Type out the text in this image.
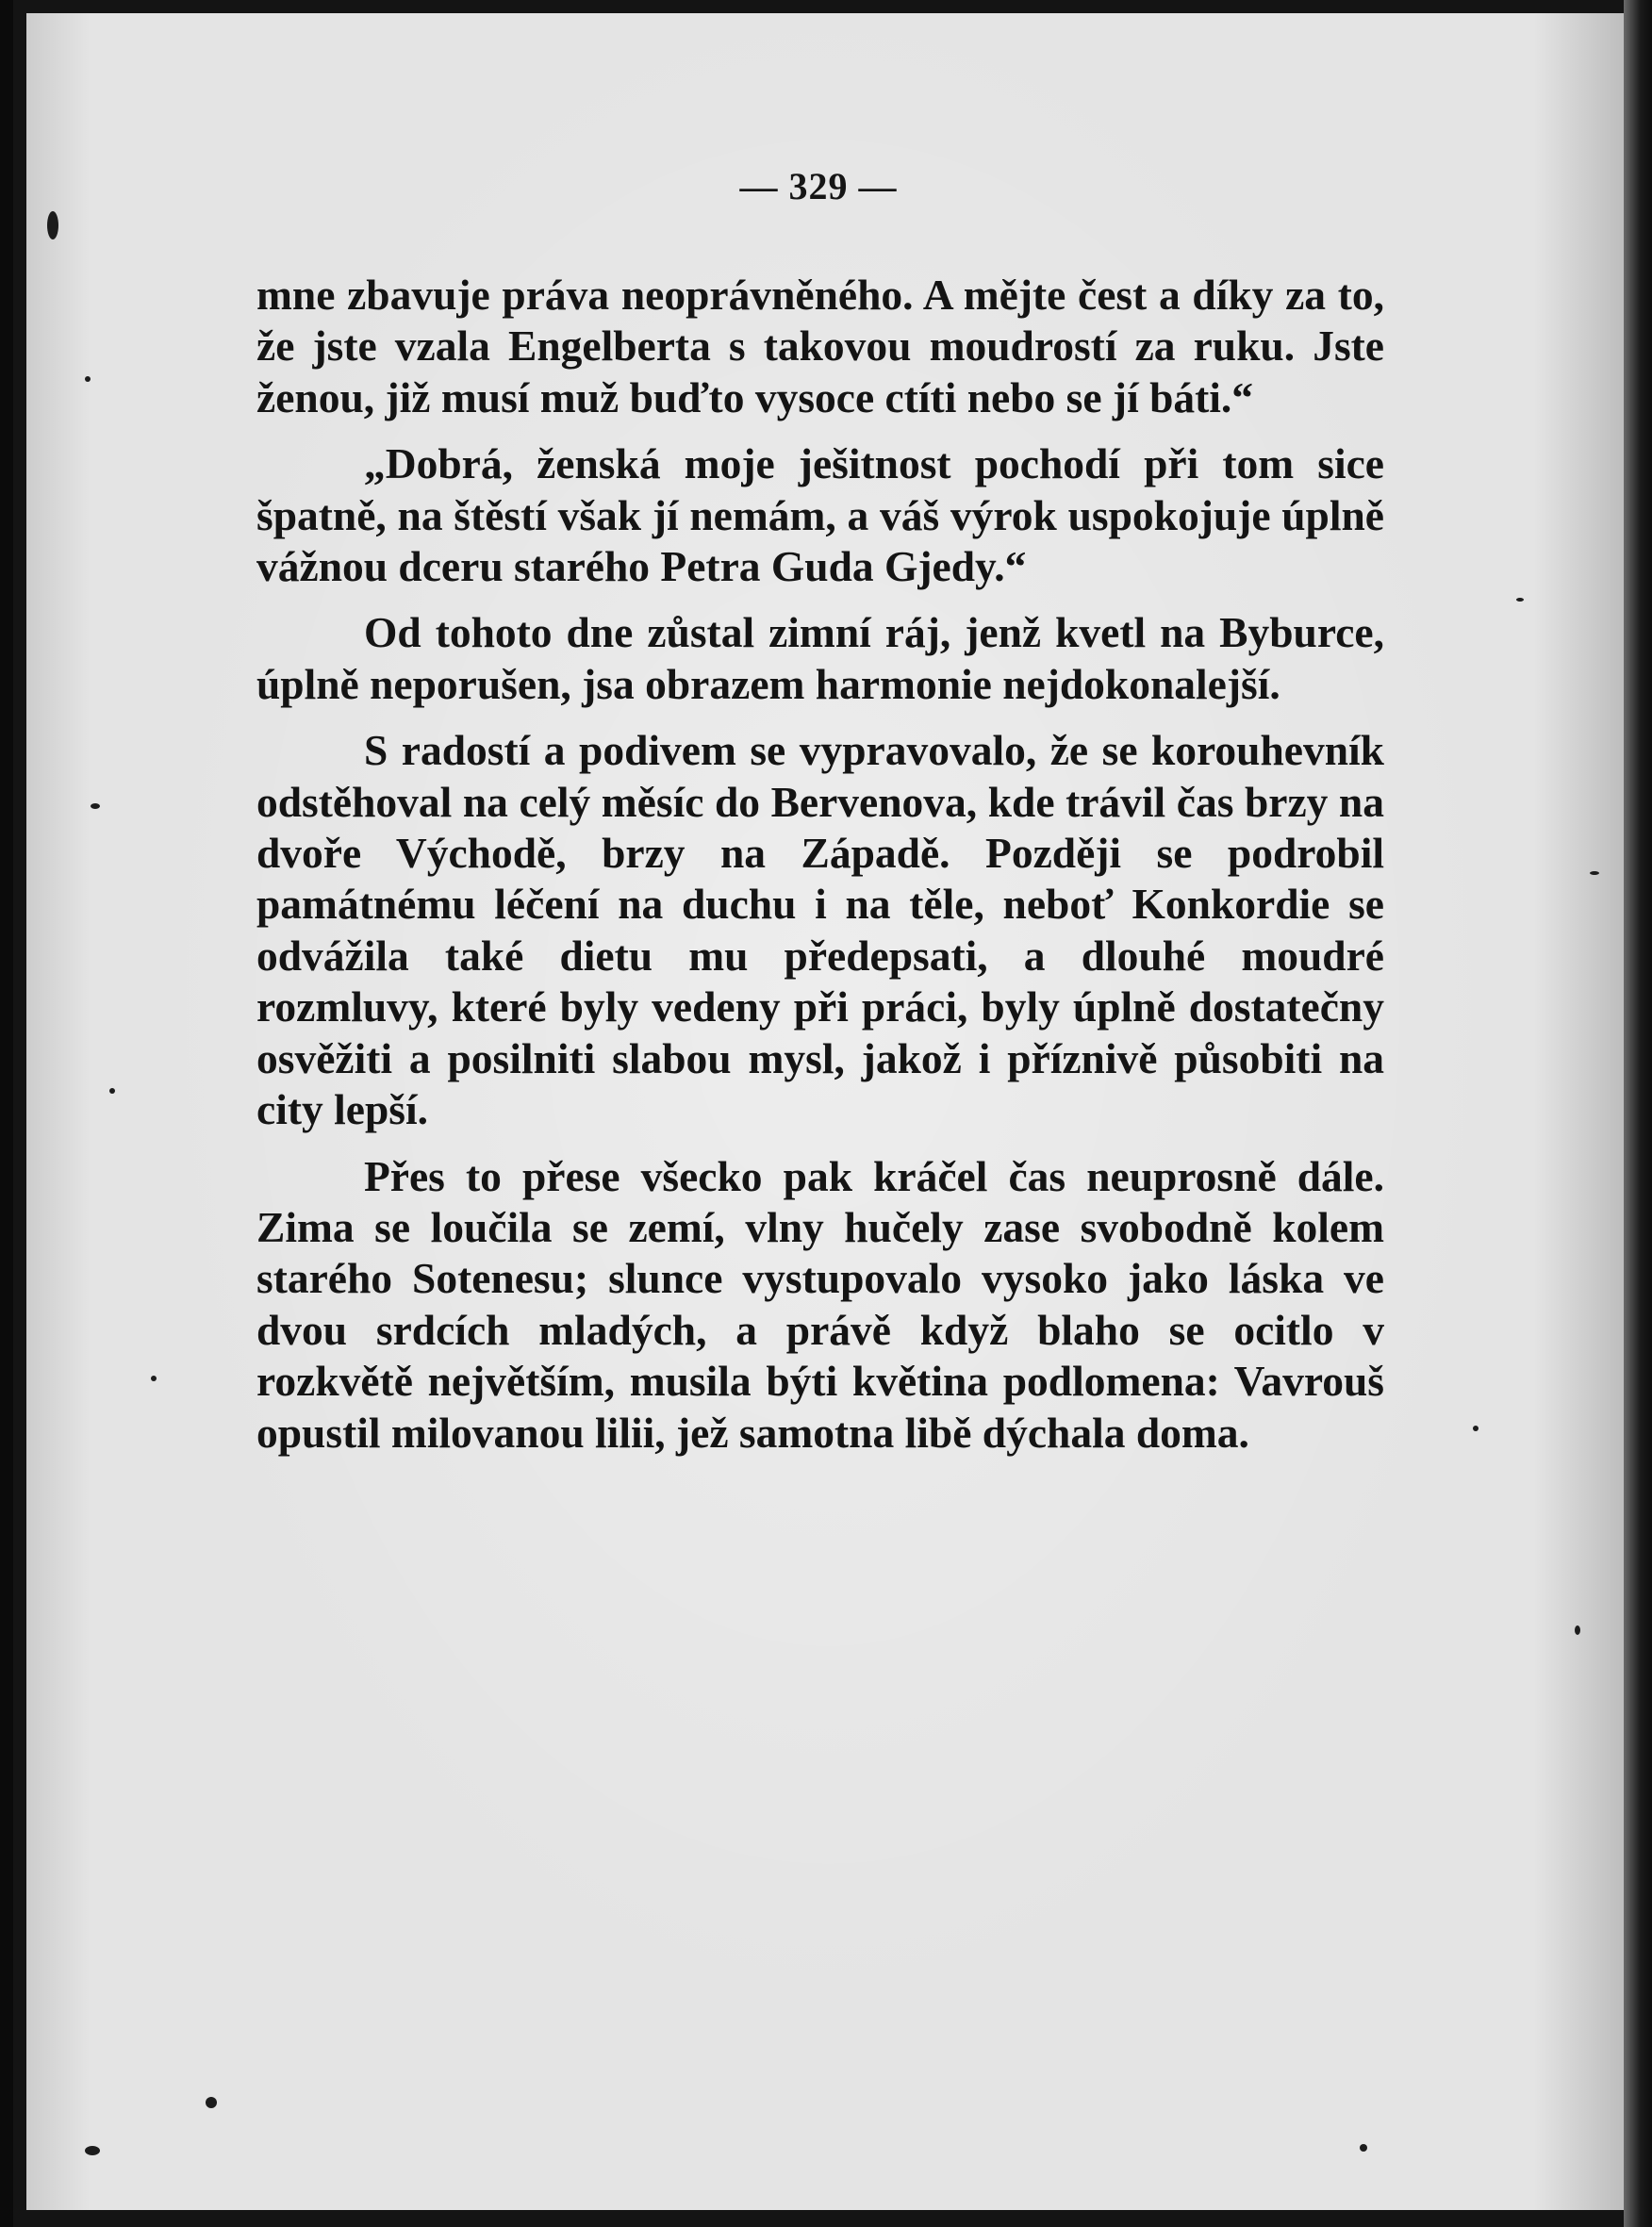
— 329 —

mne zbavuje práva neoprávněného. A mějte čest a díky za to, že jste vzala Engelberta s takovou moudrostí za ruku. Jste ženou, již musí muž buďto vysoce ctíti nebo se jí báti.“

„Dobrá, ženská moje ješitnost pochodí při tom sice špatně, na štěstí však jí nemám, a váš výrok uspokojuje úplně vážnou dceru starého Petra Guda Gjedy.“

Od tohoto dne zůstal zimní ráj, jenž kvetl na Byburce, úplně neporušen, jsa obrazem harmonie nejdokonalejší.

S radostí a podivem se vypravovalo, že se korouhevník odstěhoval na celý měsíc do Bervenova, kde trávil čas brzy na dvoře Východě, brzy na Západě. Později se podrobil památnému léčení na duchu i na těle, neboť Konkordie se odvážila také dietu mu předepsati, a dlouhé moudré rozmluvy, které byly vedeny při práci, byly úplně dostatečny osvěžiti a posilniti slabou mysl, jakož i příznivě působiti na city lepší.

Přes to přese všecko pak kráčel čas neuprosně dále. Zima se loučila se zemí, vlny hučely zase svobodně kolem starého Sotenesu; slunce vystupovalo vysoko jako láska ve dvou srdcích mladých, a právě když blaho se ocitlo v rozkvětě největším, musila býti květina podlomena: Vavrouš opustil milovanou lilii, jež samotna libě dýchala doma.
